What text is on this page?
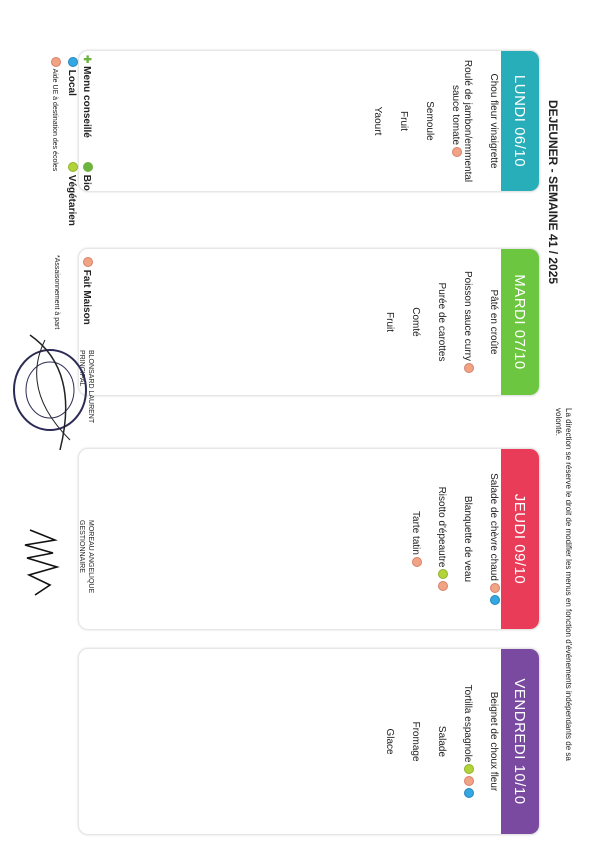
DEJEUNER - SEMAINE 41 / 2025
La direction se réserve le droit de modifier les menus en fonction d'événements indépendants de sa volonté.
LUNDI 06/10
Chou fleur vinaigrette
Roulé de jambon/emmental sauce tomate
Semoule
Fruit
Yaourt
MARDI 07/10
Pâté en croûte
Poisson sauce curry
Purée de carottes
Comté
Fruit
JEUDI 09/10
Salade de chèvre chaud
Blanquette de veau
Risotto d'épeautre
Tarte tatin
VENDREDI 10/10
Beignet de choux fleur
Tortilla espagnole
Salade
Fromage
Glace
✚ Menu conseillé
Bio
Fait Maison
Local
Végétarien
Aide UE à destination des écoles
*Assaisonnement à part
BLONSARD LAURENT
PRINCIPAL
MOREAU ANGELIQUE
GESTIONNAIRE
